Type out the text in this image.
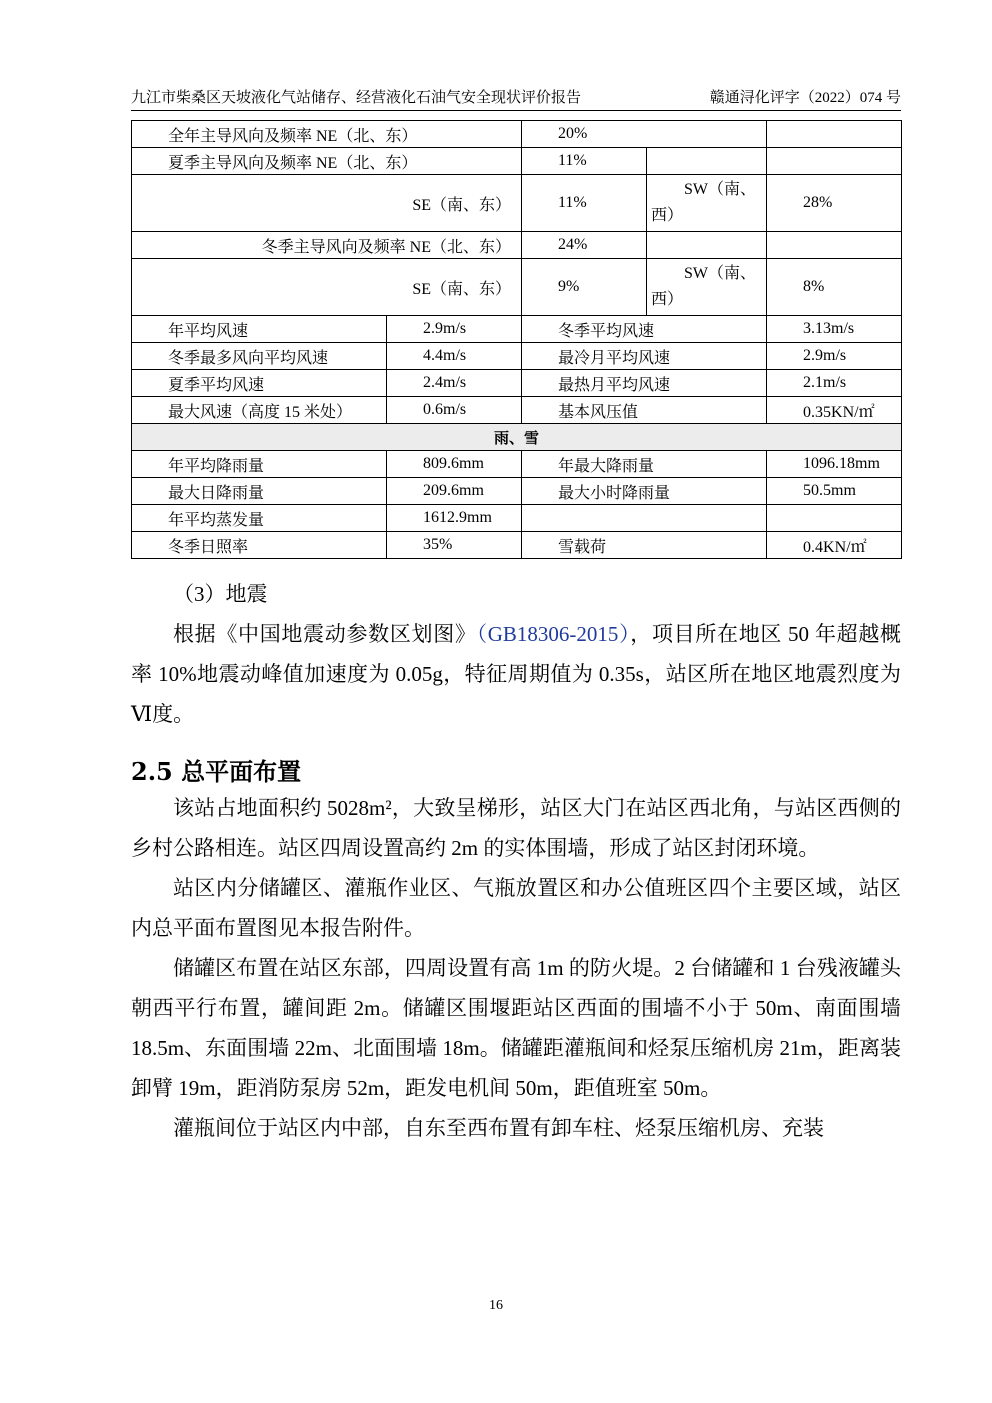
九江市柴桑区天坡液化气站储存、经营液化石油气安全现状评价报告	赣通浔化评字（2022）074 号
全年主导风向及频率 NE（北、东）		20%		
夏季主导风向及频率 NE（北、东）		11%		
SE（南、东）		11%	SW（南、
西）	28%
冬季主导风向及频率 NE（北、东）		24%		
SE（南、东）		9%	SW（南、
西）	8%
年平均风速	2.9m/s	冬季平均风速		3.13m/s
冬季最多风向平均风速	4.4m/s	最冷月平均风速		2.9m/s
夏季平均风速	2.4m/s	最热月平均风速		2.1m/s
最大风速（高度 15 米处）	0.6m/s	基本风压值		0.35KN/㎡
雨、雪				
年平均降雨量	809.6mm	年最大降雨量		1096.18mm
最大日降雨量	209.6mm	最大小时降雨量		50.5mm
年平均蒸发量	1612.9mm			
冬季日照率	35%	雪载荷		0.4KN/㎡

（3）地震

根据《中国地震动参数区划图》（GB18306-2015），项目所在地区 50 年超越概率 10%地震动峰值加速度为 0.05g，特征周期值为 0.35s，站区所在地区地震烈度为Ⅵ度。

2.5 总平面布置

该站占地面积约 5028m²，大致呈梯形，站区大门在站区西北角，与站区西侧的乡村公路相连。站区四周设置高约 2m 的实体围墙，形成了站区封闭环境。

站区内分储罐区、灌瓶作业区、气瓶放置区和办公值班区四个主要区域，站区内总平面布置图见本报告附件。

储罐区布置在站区东部，四周设置有高 1m 的防火堤。2 台储罐和 1 台残液罐头朝西平行布置，罐间距 2m。储罐区围堰距站区西面的围墙不小于 50m、南面围墙 18.5m、东面围墙 22m、北面围墙 18m。储罐距灌瓶间和烃泵压缩机房 21m，距离装卸臂 19m，距消防泵房 52m，距发电机间 50m，距值班室 50m。

灌瓶间位于站区内中部，自东至西布置有卸车柱、烃泵压缩机房、充装

16
